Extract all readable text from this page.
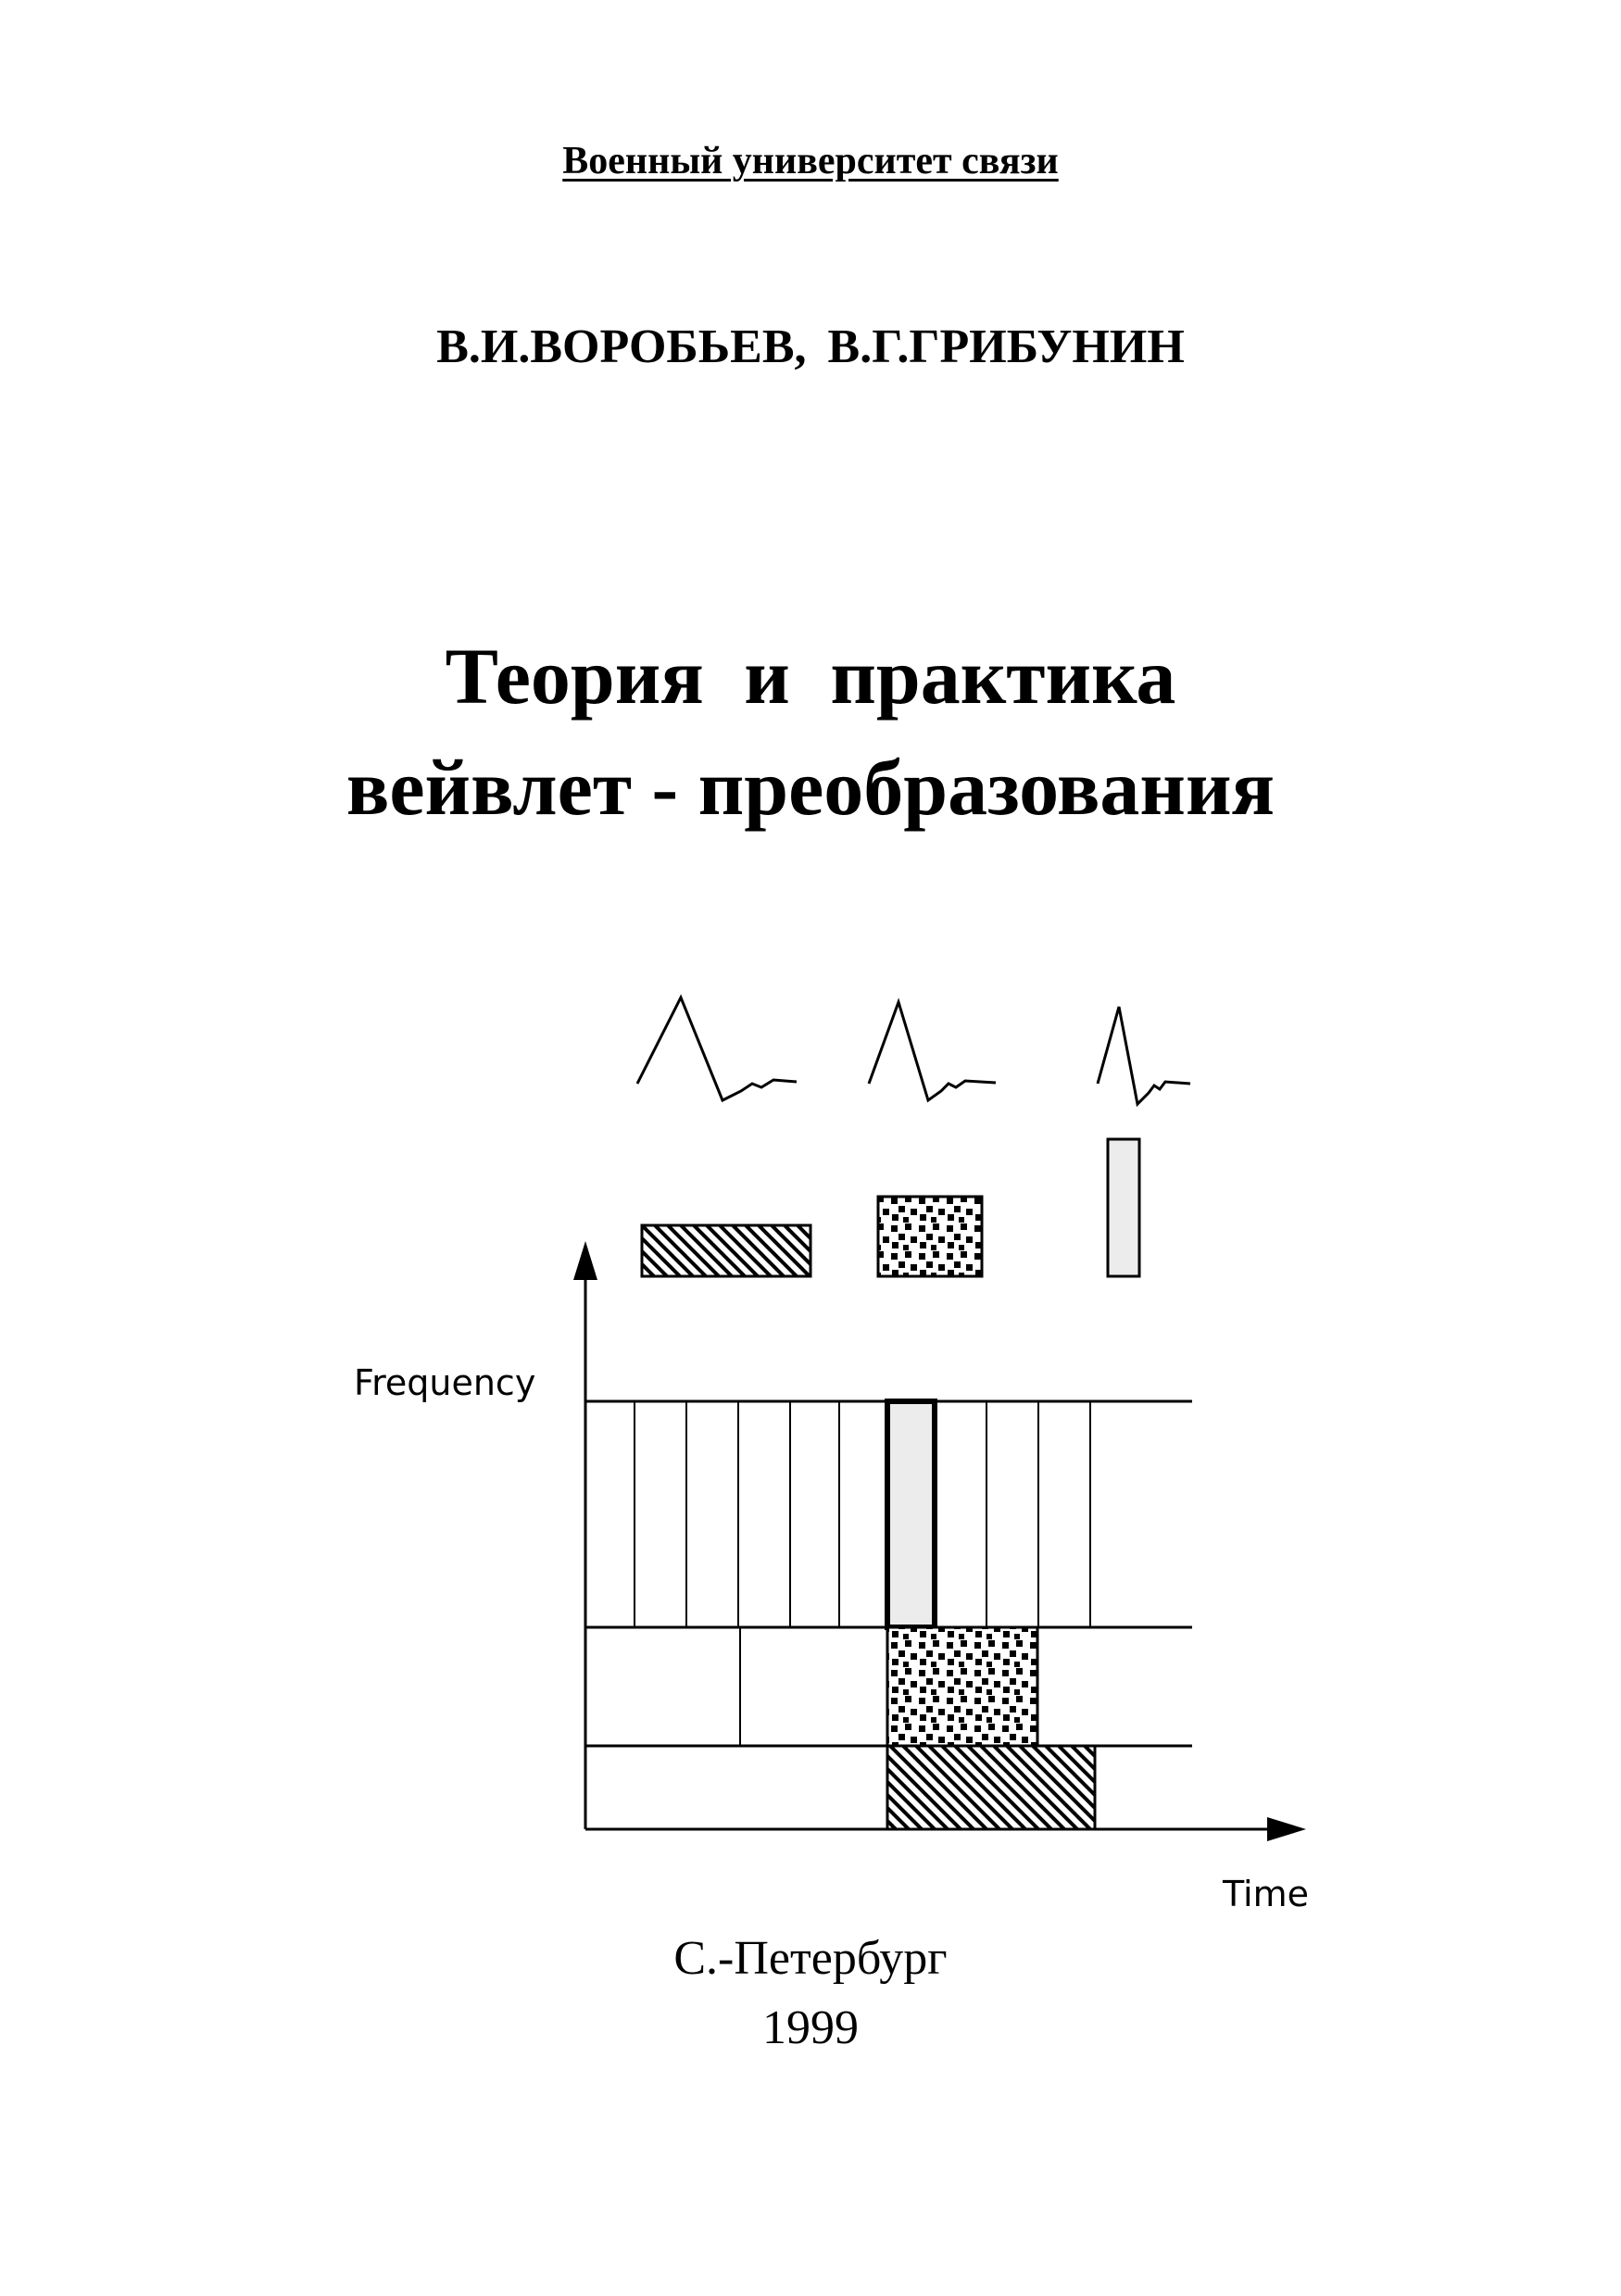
Военный университет связи
В.И.ВОРОБЬЕВ, В.Г.ГРИБУНИН
Теория и практика
вейвлет - преобразования
Frequency
Time
С.-Петербург
1999
